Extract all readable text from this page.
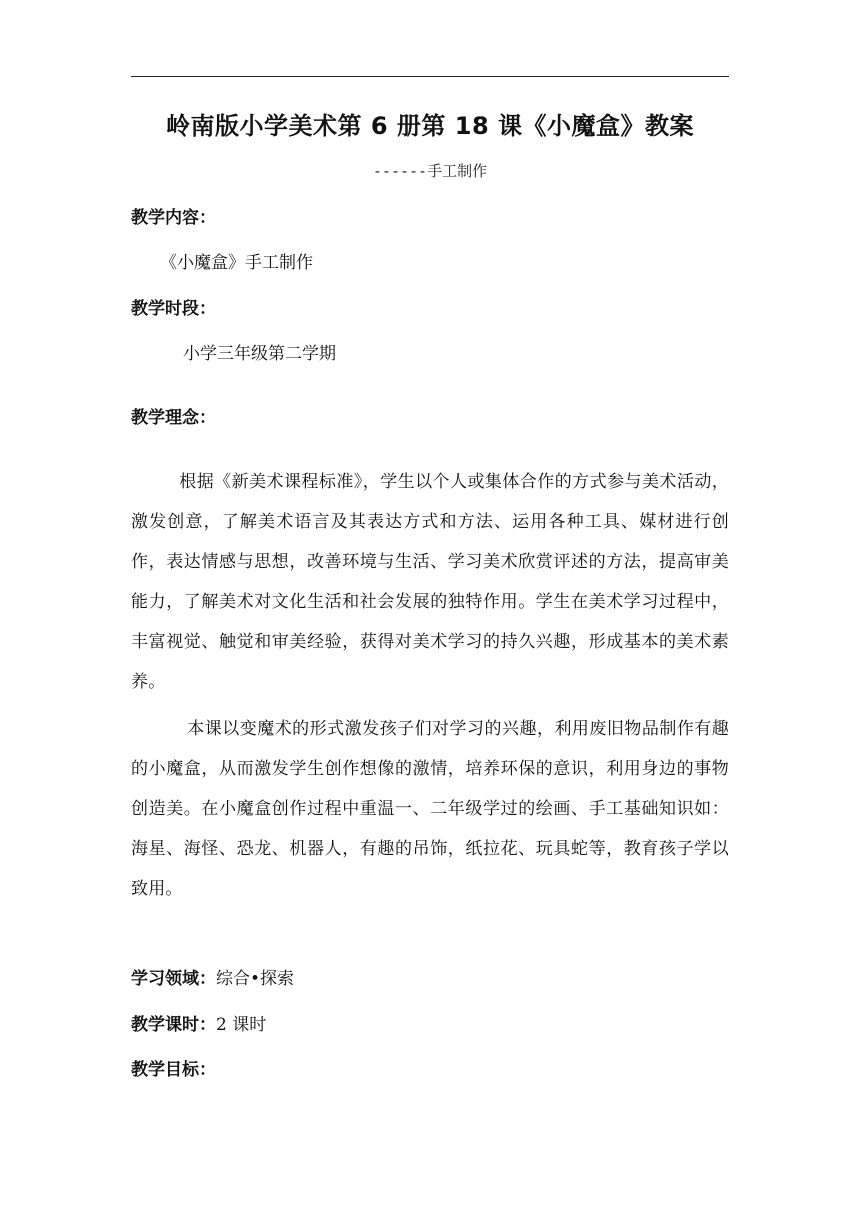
岭南版小学美术第 6 册第 18 课《小魔盒》教案
------手工制作
教学内容：
《小魔盒》手工制作
教学时段：
小学三年级第二学期
教学理念：
根据《新美术课程标准》，学生以个人或集体合作的方式参与美术活动，激发创意，了解美术语言及其表达方式和方法、运用各种工具、媒材进行创作，表达情感与思想，改善环境与生活、学习美术欣赏评述的方法，提高审美能力，了解美术对文化生活和社会发展的独特作用。学生在美术学习过程中，丰富视觉、触觉和审美经验，获得对美术学习的持久兴趣，形成基本的美术素养。
本课以变魔术的形式激发孩子们对学习的兴趣，利用废旧物品制作有趣的小魔盒，从而激发学生创作想像的激情，培养环保的意识，利用身边的事物创造美。在小魔盒创作过程中重温一、二年级学过的绘画、手工基础知识如：海星、海怪、恐龙、机器人，有趣的吊饰，纸拉花、玩具蛇等，教育孩子学以致用。
学习领域：综合•探索
教学课时：2 课时
教学目标：
